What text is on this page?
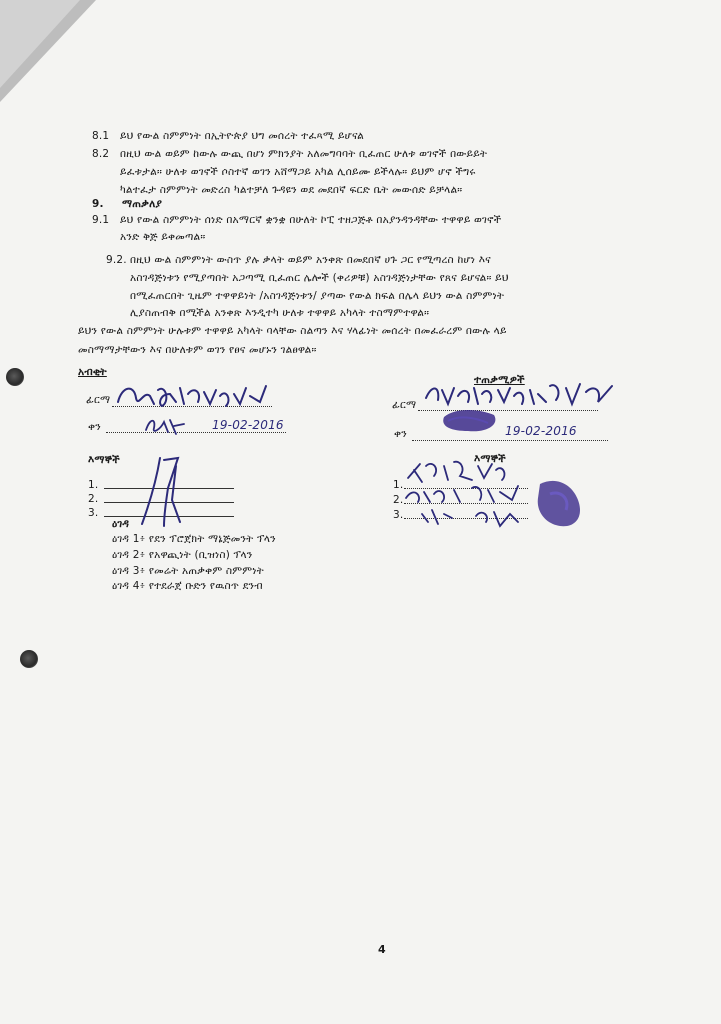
8.1 ይህ የውል ስምምነት በኢትዮጵያ ህግ መሰረት ተፈጻሚ ይሆናል
8.2 በዚህ ውል ወይም ከውሉ ውጪ በሆነ ምክንያት አለመግባባት ቢፈጠር ሁለቱ ወገኖች በውይይት
ይፈቱታል። ሁለቱ ወገኖች ሶስተኛ ወገን አሸማጋይ አካል ሊሰይሙ ይችላሉ። ይህም ሆኖ ችግሩ
ካልተፈታ ስምምነት መድረስ ካልተቻለ ጉዳዩን ወደ መደበኛ ፍርድ ቤት መውሰድ ይቻላል።
9. ማጠቃለያ
9.1 ይህ የውል ስምምነት ሰነድ በአማርኛ ቋንቋ በሁለት ኮፒ ተዘጋጅቶ በአያንዳንዳቸው ተዋዋይ ወገኖች
አንድ ቅጅ ይቀመጣል።
9.2. በዚህ ውል ስምምነት ውስጥ ያሉ ቃላት ወይም አንቀጽ በመደበኛ ሀጉ ጋር የሚጣረስ ከሆነ እና
አስገዳጅነቱን የሚያጣበት አጋጣሚ ቢፈጠር ሌሎች (ቀሪዎቹ) አስገዳጅነታቸው የጸና ይሆናል። ይህ
በሚፈጠርበት ጊዜም ተዋዋይነት /አስገዳጅነቱን/ ያጣው የውል ክፍል በሌላ ይህን ውል ስምምነት
ሊያስጠብቅ በሚችል አንቀጽ እንዲተካ ሁለቱ ተዋዋይ አካላት ተስማምተዋል።
ይህን የውል ስምምነት ሁሉቱም ተዋዋይ አካላት ባላቸው ስልጣን እና ሃላፊነት መሰረት በመፈራረም በውሉ ላይ
መስማማታቸውን እና በሁለቱም ወገን የፀና መሆኑን ገልፀዋል።
አብቂት
ፊርማ
ቀን	19-02-2016
ተጠቃሚዎች
ፊርማ
ቀን	19-02-2016
እማኞች
1.
2.
3.
እማኞች
1.
2.
3.
ዕገዳ
ዕገዳ 1፥ የደን ፕሮጀክት ማኔጅመንት ፕላን
ዕገዳ 2፥ የአዋጪነት (ቢዝነስ) ፕላን
ዕገዳ 3፥ የመሬት አጠቃቀም ስምምነት
ዕገዳ 4፥ የተደራጀ ቡድን የዉስጥ ደንብ
4
